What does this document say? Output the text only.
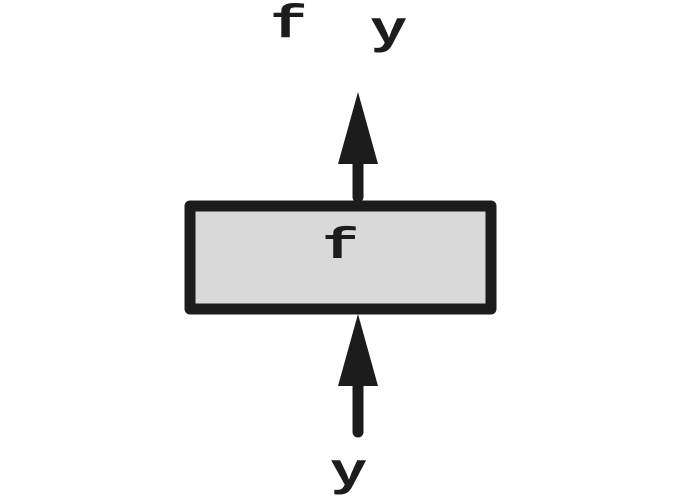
f y
f
y
